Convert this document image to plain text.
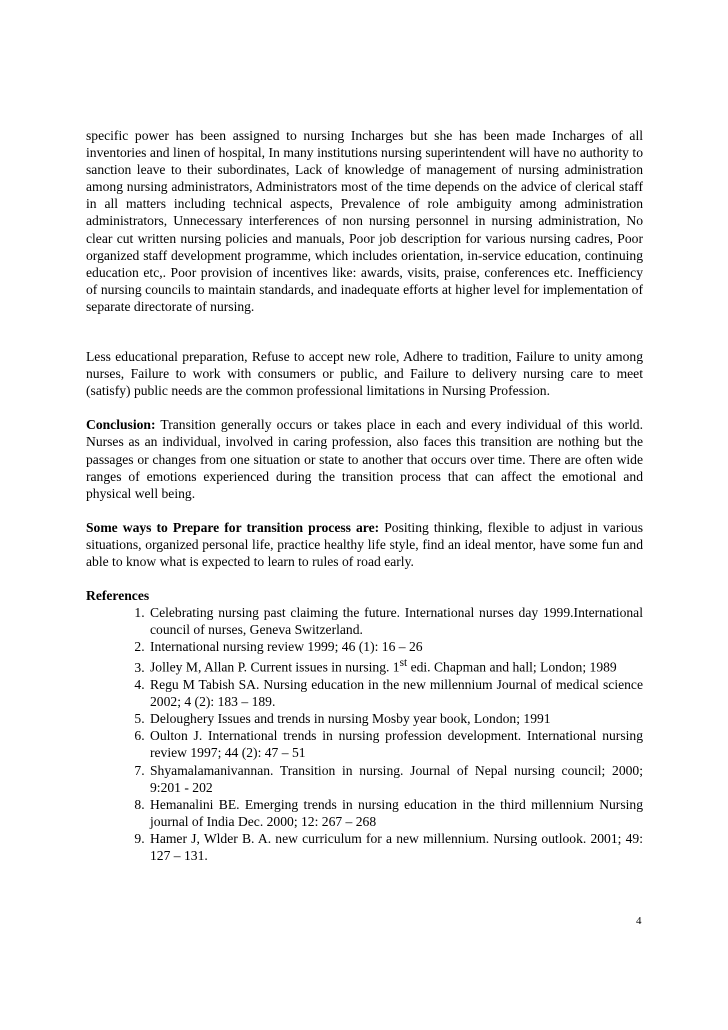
specific power has been assigned to nursing Incharges but she has been made Incharges of all inventories and linen of hospital, In many institutions nursing superintendent will have no authority to sanction leave to their subordinates, Lack of knowledge of management of nursing administration among nursing administrators, Administrators most of the time depends on the advice of clerical staff in all matters including technical aspects, Prevalence of role ambiguity among administration administrators, Unnecessary interferences of non nursing personnel in nursing administration, No clear cut written nursing policies and manuals, Poor job description for various nursing cadres, Poor organized staff development programme, which includes orientation, in-service education, continuing education etc,. Poor provision of incentives like: awards, visits, praise, conferences etc. Inefficiency of nursing councils to maintain standards, and inadequate efforts at higher level for implementation of separate directorate of nursing.

Less educational preparation, Refuse to accept new role, Adhere to tradition, Failure to unity among nurses, Failure to work with consumers or public, and Failure to delivery nursing care to meet (satisfy) public needs are the common professional limitations in Nursing Profession.

Conclusion: Transition generally occurs or takes place in each and every individual of this world. Nurses as an individual, involved in caring profession, also faces this transition are nothing but the passages or changes from one situation or state to another that occurs over time. There are often wide ranges of emotions experienced during the transition process that can affect the emotional and physical well being.

Some ways to Prepare for transition process are: Positing thinking, flexible to adjust in various situations, organized personal life, practice healthy life style, find an ideal mentor, have some fun and able to know what is expected to learn to rules of road early.

References
1. Celebrating nursing past claiming the future. International nurses day 1999.International council of nurses, Geneva Switzerland.
2. International nursing review 1999; 46 (1): 16 – 26
3. Jolley M, Allan P. Current issues in nursing. 1st edi. Chapman and hall; London; 1989
4. Regu M Tabish SA. Nursing education in the new millennium Journal of medical science 2002; 4 (2): 183 – 189.
5. Deloughery Issues and trends in nursing Mosby year book, London; 1991
6. Oulton J. International trends in nursing profession development. International nursing review 1997; 44 (2): 47 – 51
7. Shyamalamanivannan. Transition in nursing. Journal of Nepal nursing council; 2000; 9:201 - 202
8. Hemanalini BE. Emerging trends in nursing education in the third millennium Nursing journal of India Dec. 2000; 12: 267 – 268
9. Hamer J, Wlder B. A. new curriculum for a new millennium. Nursing outlook. 2001; 49: 127 – 131.
4
